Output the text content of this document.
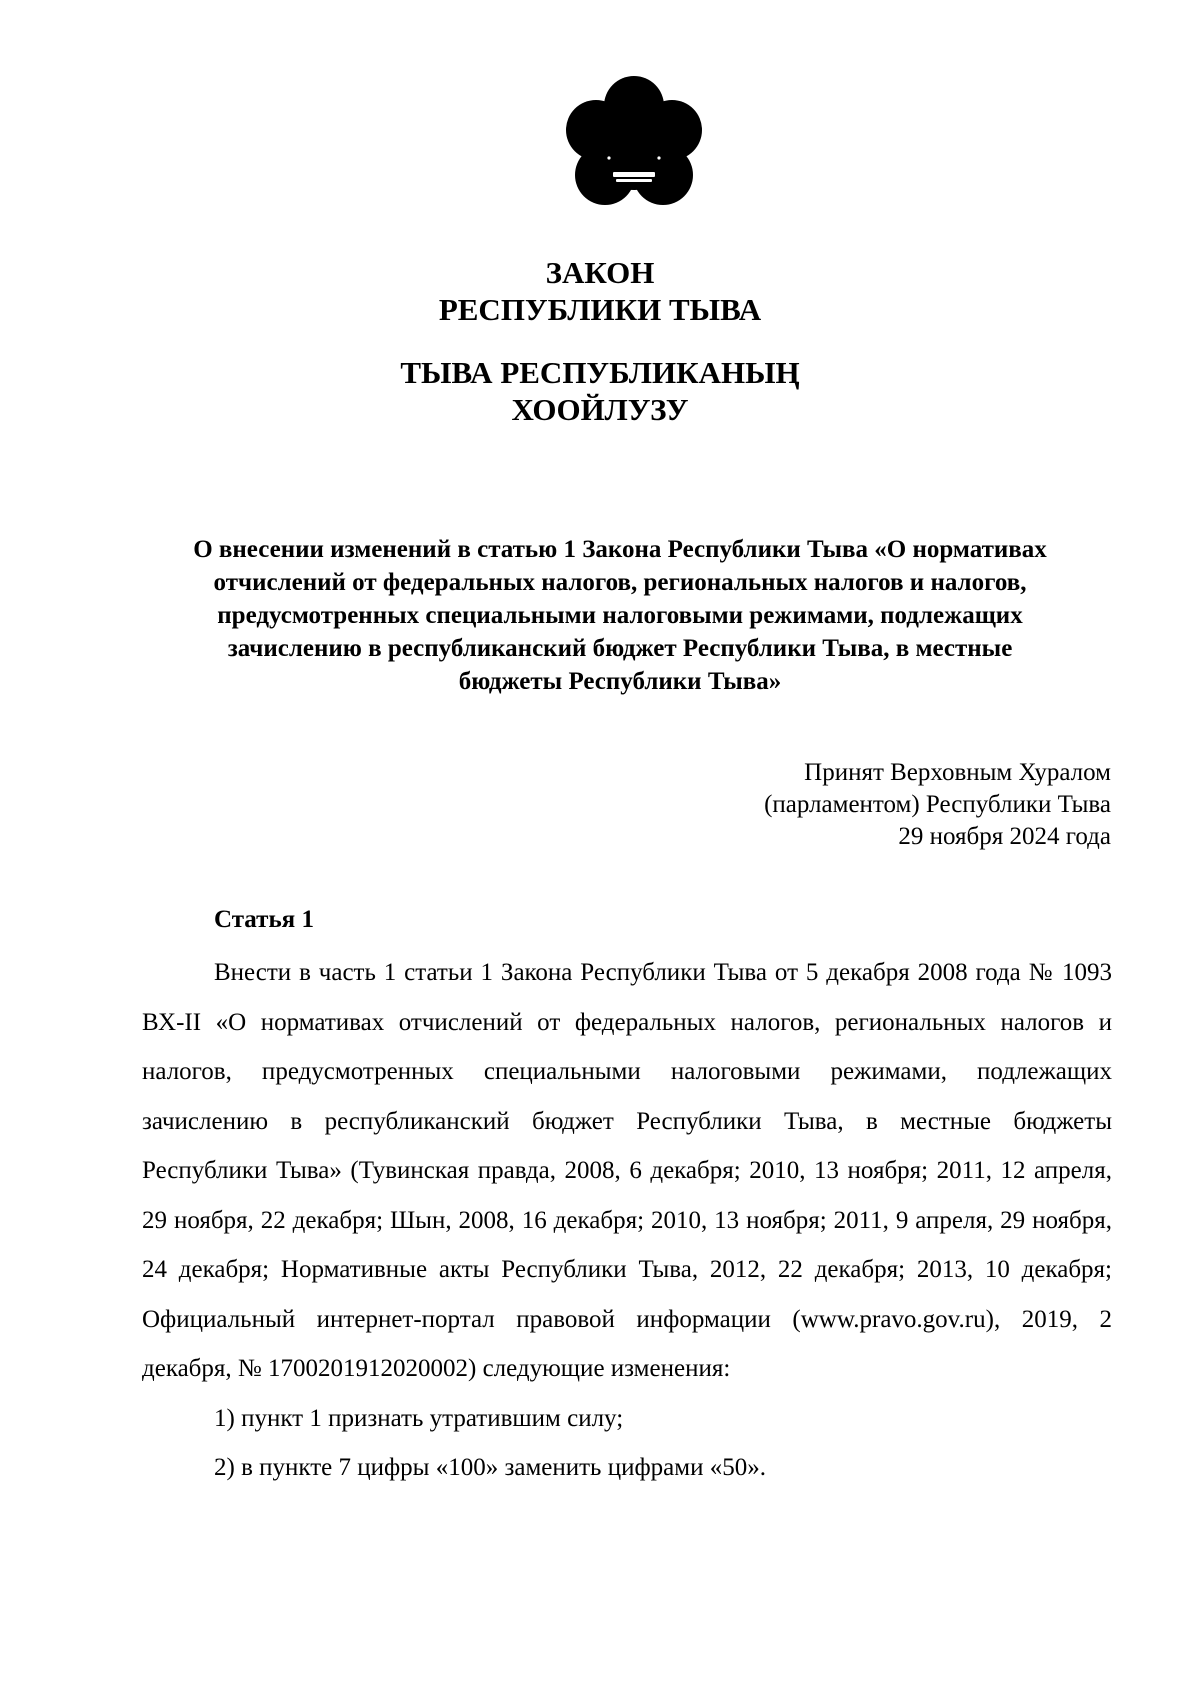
ЗАКОН
РЕСПУБЛИКИ ТЫВА
ТЫВА РЕСПУБЛИКАНЫҢ
ХООЙЛУЗУ
О внесении изменений в статью 1 Закона Республики Тыва «О нормативах
отчислений от федеральных налогов, региональных налогов и налогов,
предусмотренных специальными налоговыми режимами, подлежащих
зачислению в республиканский бюджет Республики Тыва, в местные
бюджеты Республики Тыва»
Принят Верховным Хуралом
(парламентом) Республики Тыва
29 ноября 2024 года
Статья 1

Внести в часть 1 статьи 1 Закона Республики Тыва от 5 декабря 2008 года № 1093 ВХ-II «О нормативах отчислений от федеральных налогов, региональных налогов и налогов, предусмотренных специальными налоговыми режимами, подлежащих зачислению в республиканский бюджет Республики Тыва, в местные бюджеты Республики Тыва» (Тувинская правда, 2008, 6 декабря; 2010, 13 ноября; 2011, 12 апреля, 29 ноября, 22 декабря; Шын, 2008, 16 декабря; 2010, 13 ноября; 2011, 9 апреля, 29 ноября, 24 декабря; Нормативные акты Республики Тыва, 2012, 22 декабря; 2013, 10 декабря; Официальный интернет-портал правовой информации (www.pravo.gov.ru), 2019, 2 декабря, № 1700201912020002) следующие изменения:

1) пункт 1 признать утратившим силу;

2) в пункте 7 цифры «100» заменить цифрами «50».
